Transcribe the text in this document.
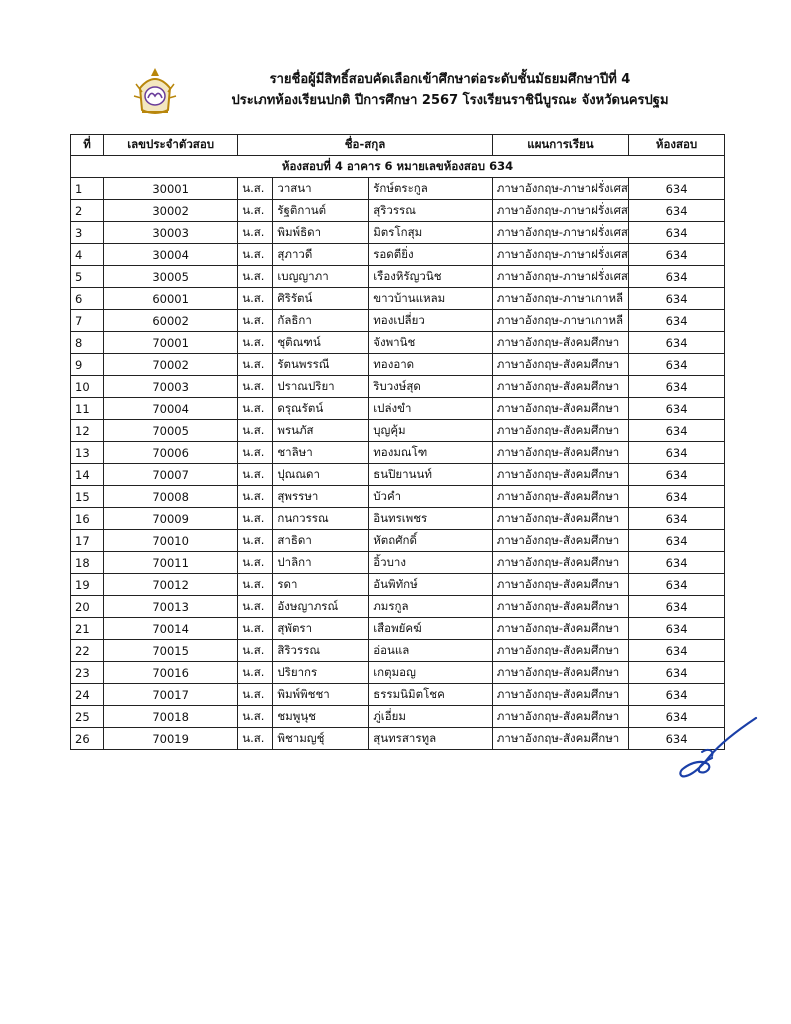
รายชื่อผู้มีสิทธิ์สอบคัดเลือกเข้าศึกษาต่อระดับชั้นมัธยมศึกษาปีที่ 4
ประเภทห้องเรียนปกติ ปีการศึกษา 2567 โรงเรียนราชินีบูรณะ จังหวัดนครปฐม
ที่	เลขประจำตัวสอบ	ชื่อ-สกุล			แผนการเรียน	ห้องสอบ
ห้องสอบที่ 4 อาคาร 6 หมายเลขห้องสอบ 634						
1	30001	น.ส.	วาสนา	รักษ์ตระกูล	ภาษาอังกฤษ-ภาษาฝรั่งเศส	634
2	30002	น.ส.	รัฐติกานต์	สุริวรรณ	ภาษาอังกฤษ-ภาษาฝรั่งเศส	634
3	30003	น.ส.	พิมพ์ธิดา	มิตรโกสุม	ภาษาอังกฤษ-ภาษาฝรั่งเศส	634
4	30004	น.ส.	สุภาวดี	รอดตียิ่ง	ภาษาอังกฤษ-ภาษาฝรั่งเศส	634
5	30005	น.ส.	เบญญาภา	เรืองหิรัญวนิช	ภาษาอังกฤษ-ภาษาฝรั่งเศส	634
6	60001	น.ส.	ศิริรัตน์	ขาวบ้านแหลม	ภาษาอังกฤษ-ภาษาเกาหลี	634
7	60002	น.ส.	กัลธิกา	ทองเปลี่ยว	ภาษาอังกฤษ-ภาษาเกาหลี	634
8	70001	น.ส.	ชุติณฑน์	จังพานิช	ภาษาอังกฤษ-สังคมศึกษา	634
9	70002	น.ส.	รัตนพรรณี	ทองอาด	ภาษาอังกฤษ-สังคมศึกษา	634
10	70003	น.ส.	ปราณปริยา	ริบวงษ์สุด	ภาษาอังกฤษ-สังคมศึกษา	634
11	70004	น.ส.	ดรุณรัตน์	เปล่งขำ	ภาษาอังกฤษ-สังคมศึกษา	634
12	70005	น.ส.	พรนภัส	บุญคุ้ม	ภาษาอังกฤษ-สังคมศึกษา	634
13	70006	น.ส.	ชาลิษา	ทองมณโฑ	ภาษาอังกฤษ-สังคมศึกษา	634
14	70007	น.ส.	ปุณณดา	ธนปิยานนท์	ภาษาอังกฤษ-สังคมศึกษา	634
15	70008	น.ส.	สุพรรษา	บัวคำ	ภาษาอังกฤษ-สังคมศึกษา	634
16	70009	น.ส.	กนกวรรณ	อินทรเพชร	ภาษาอังกฤษ-สังคมศึกษา	634
17	70010	น.ส.	สาธิดา	หัตถศักดิ์	ภาษาอังกฤษ-สังคมศึกษา	634
18	70011	น.ส.	ปาลิกา	อิ้วบาง	ภาษาอังกฤษ-สังคมศึกษา	634
19	70012	น.ส.	รดา	อันพิทักษ์	ภาษาอังกฤษ-สังคมศึกษา	634
20	70013	น.ส.	อังษญาภรณ์	ภมรกูล	ภาษาอังกฤษ-สังคมศึกษา	634
21	70014	น.ส.	สุพัตรา	เสือพยัคฆ์	ภาษาอังกฤษ-สังคมศึกษา	634
22	70015	น.ส.	สิริวรรณ	อ่อนแล	ภาษาอังกฤษ-สังคมศึกษา	634
23	70016	น.ส.	ปริยากร	เกตุมอญ	ภาษาอังกฤษ-สังคมศึกษา	634
24	70017	น.ส.	พิมพ์พิชชา	ธรรมนิมิตโชค	ภาษาอังกฤษ-สังคมศึกษา	634
25	70018	น.ส.	ชมพูนุช	ภู่เอี่ยม	ภาษาอังกฤษ-สังคมศึกษา	634
26	70019	น.ส.	พิชามญชุ์	สุนทรสารทูล	ภาษาอังกฤษ-สังคมศึกษา	634
